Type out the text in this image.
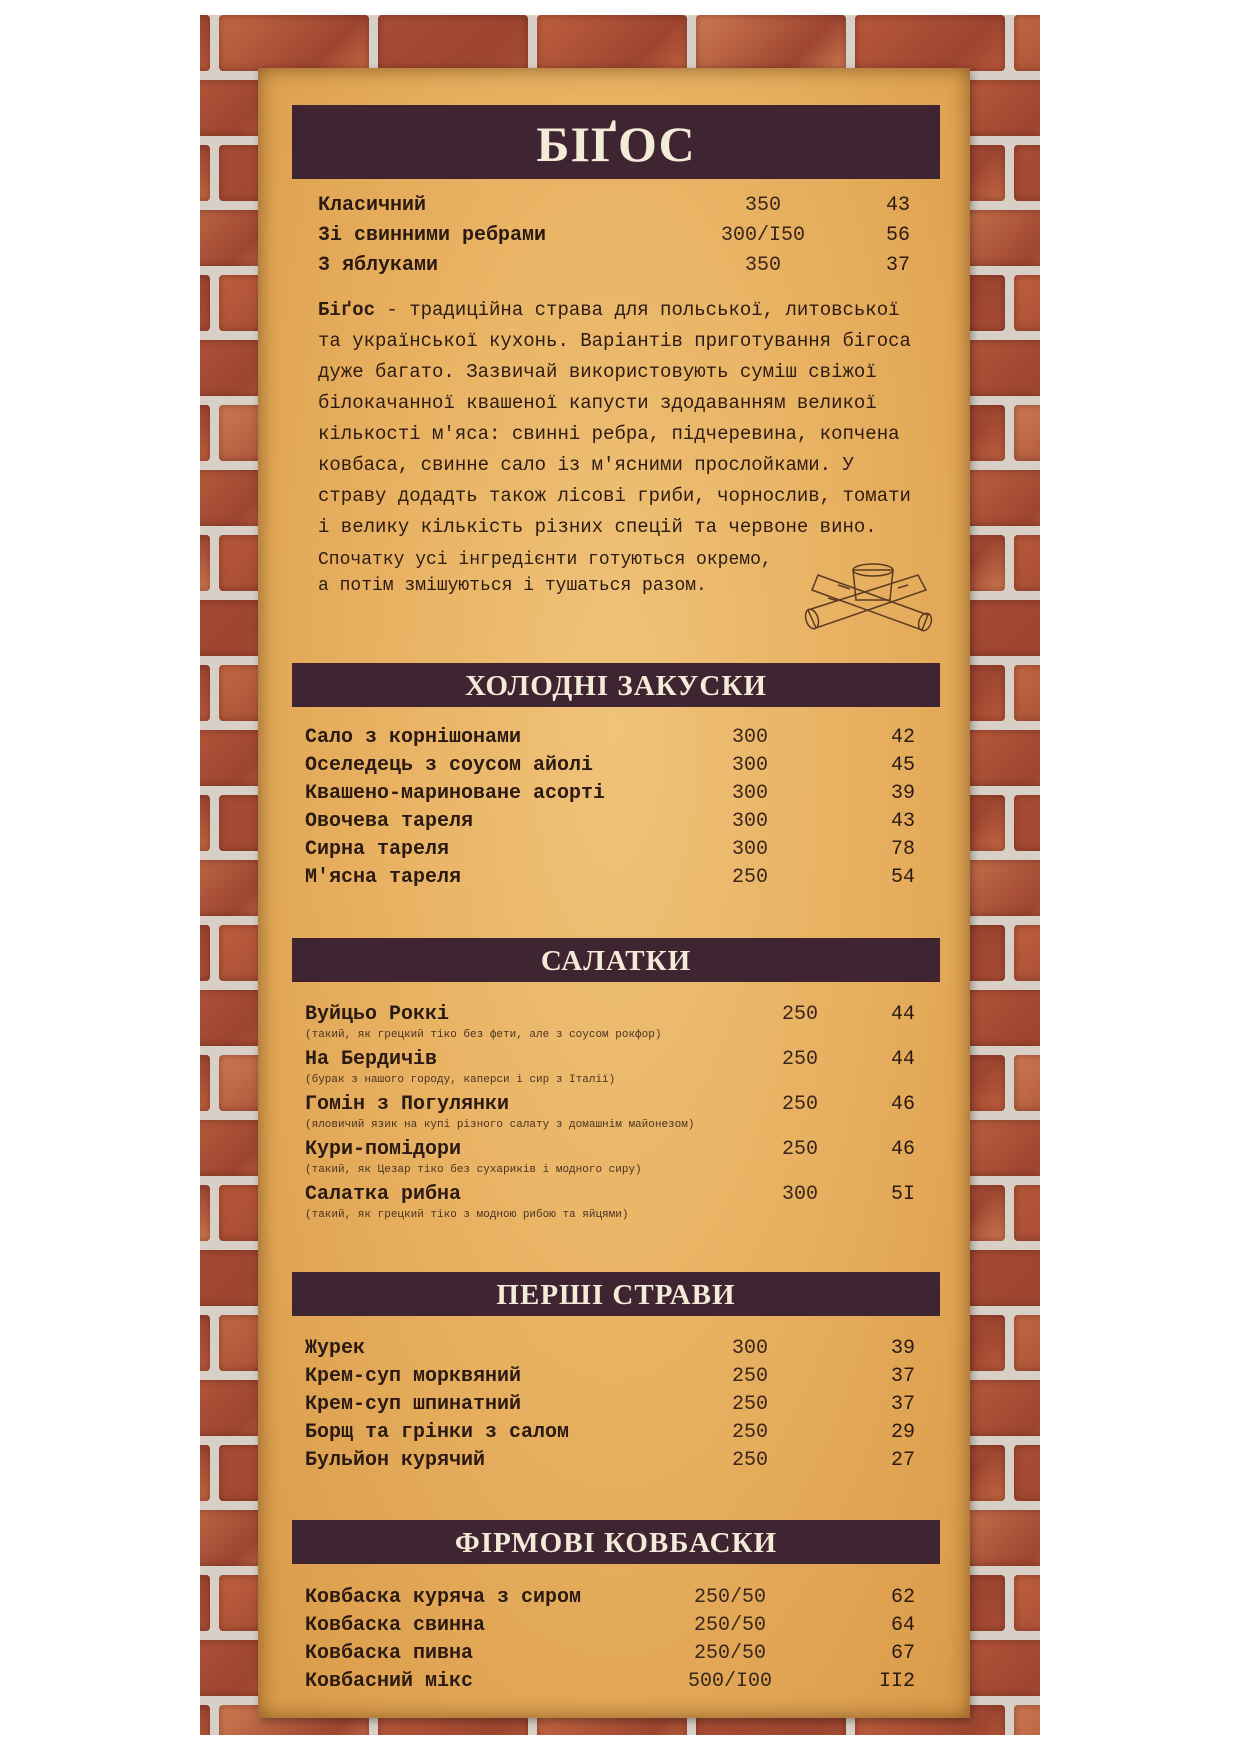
БІҐОС
Класичний	350	43
3і свинними ребрами	300/I50	56
3 яблуками	350	37
Біґос - традиційна страва для польської, литовської та української кухонь. Варіантів приготування бігоса дуже багато. Зазвичай використовують суміш свіжої білокачанної квашеної капусти здодаванням великої кількості м'яса: свинні ребра, підчеревина, копчена ковбаса, свинне сало із м'ясними прослойками. У страву додадть також лісові гриби, чорнослив, томати і велику кількість різних спецій та червоне вино.
Спочатку усі інгредієнти готуються окремо, а потім змішуються і тушаться разом.
ХОЛОДНІ ЗАКУСКИ
Сало з корнішонами	300	42
Оселедець з соусом айолі	300	45
Квашено-мариноване асорті	300	39
Овочева тареля	300	43
Сирна тареля	300	78
М'ясна тареля	250	54
САЛАТКИ
Вуйцьо Роккі	250	44
(такий, як грецкий тіко без фети, але з соусом рокфор)
На Бердичів	250	44
(бурак з нашого городу, каперси і сир з Італії)
Гомін з Погулянки	250	46
(яловичий язик на купі різного салату з домашнім майонезом)
Кури-помідори	250	46
(такий, як Цезар тіко без сухариків і модного сиру)
Салатка рибна	300	5I
(такий, як грецкий тіко з модною рибою та яйцями)
ПЕРШІ СТРАВИ
Журек	300	39
Крем-суп морквяний	250	37
Крем-суп шпинатний	250	37
Борщ та грінки з салом	250	29
Бульйон курячий	250	27
ФІРМОВІ КОВБАСКИ
Ковбаска куряча з сиром	250/50	62
Ковбаска свинна	250/50	64
Ковбаска пивна	250/50	67
Ковбасний мікс	500/I00	II2
